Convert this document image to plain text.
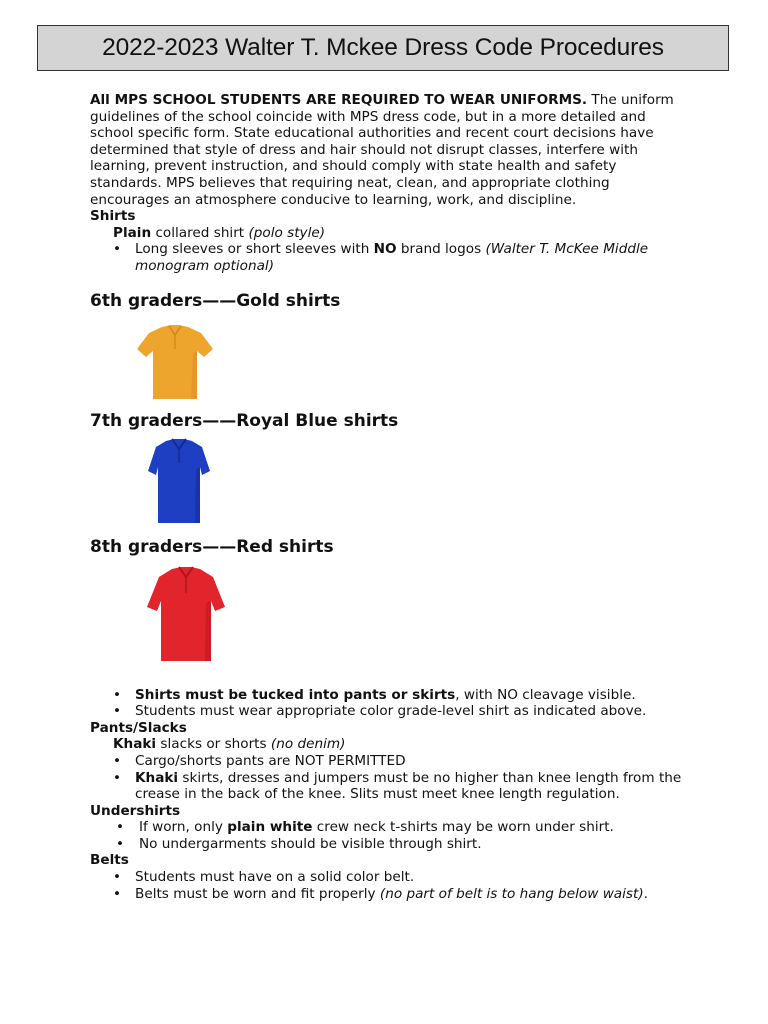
2022-2023 Walter T. Mckee Dress Code Procedures

All MPS SCHOOL STUDENTS ARE REQUIRED TO WEAR UNIFORMS. The uniform guidelines of the school coincide with MPS dress code, but in a more detailed and school specific form. State educational authorities and recent court decisions have determined that style of dress and hair should not disrupt classes, interfere with learning, prevent instruction, and should comply with state health and safety standards. MPS believes that requiring neat, clean, and appropriate clothing encourages an atmosphere conducive to learning, work, and discipline.

Shirts

Plain collared shirt (polo style)

• Long sleeves or short sleeves with NO brand logos (Walter T. McKee Middle monogram optional)

6th graders——Gold shirts

7th graders——Royal Blue shirts

8th graders——Red shirts

• Shirts must be tucked into pants or skirts, with NO cleavage visible.
• Students must wear appropriate color grade-level shirt as indicated above.

Pants/Slacks

Khaki slacks or shorts (no denim)

• Cargo/shorts pants are NOT PERMITTED
• Khaki skirts, dresses and jumpers must be no higher than knee length from the crease in the back of the knee. Slits must meet knee length regulation.

Undershirts

• If worn, only plain white crew neck t-shirts may be worn under shirt.
• No undergarments should be visible through shirt.

Belts

• Students must have on a solid color belt.
• Belts must be worn and fit properly (no part of belt is to hang below waist).
